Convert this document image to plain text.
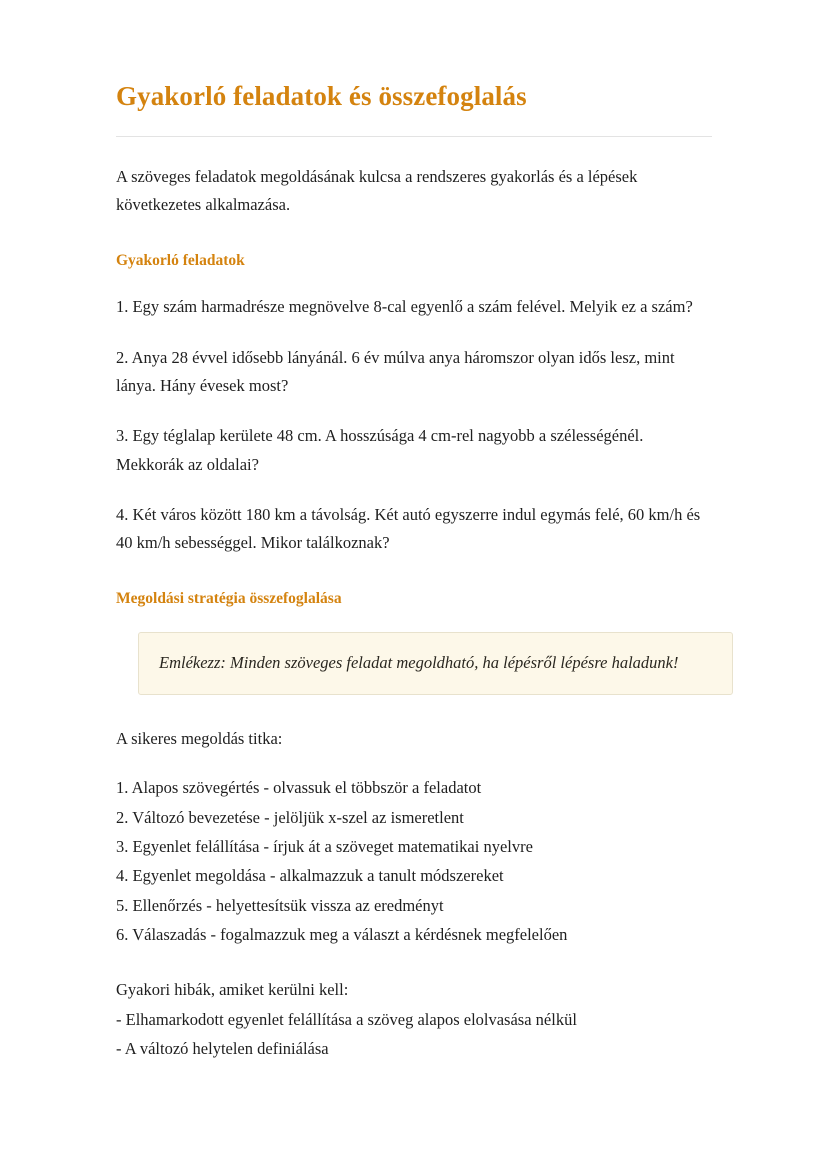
Gyakorló feladatok és összefoglalás

A szöveges feladatok megoldásának kulcsa a rendszeres gyakorlás és a lépések következetes alkalmazása.

Gyakorló feladatok

1. Egy szám harmadrésze megnövelve 8-cal egyenlő a szám felével. Melyik ez a szám?

2. Anya 28 évvel idősebb lányánál. 6 év múlva anya háromszor olyan idős lesz, mint lánya. Hány évesek most?

3. Egy téglalap kerülete 48 cm. A hosszúsága 4 cm-rel nagyobb a szélességénél. Mekkorák az oldalai?

4. Két város között 180 km a távolság. Két autó egyszerre indul egymás felé, 60 km/h és 40 km/h sebességgel. Mikor találkoznak?

Megoldási stratégia összefoglalása

Emlékezz: Minden szöveges feladat megoldható, ha lépésről lépésre haladunk!

A sikeres megoldás titka:

1. Alapos szövegértés - olvassuk el többször a feladatot
2. Változó bevezetése - jelöljük x-szel az ismeretlent
3. Egyenlet felállítása - írjuk át a szöveget matematikai nyelvre
4. Egyenlet megoldása - alkalmazzuk a tanult módszereket
5. Ellenőrzés - helyettesítsük vissza az eredményt
6. Válaszadás - fogalmazzuk meg a választ a kérdésnek megfelelően
Gyakori hibák, amiket kerülni kell:
- Elhamarkodott egyenlet felállítása a szöveg alapos elolvasása nélkül
- A változó helytelen definiálása
